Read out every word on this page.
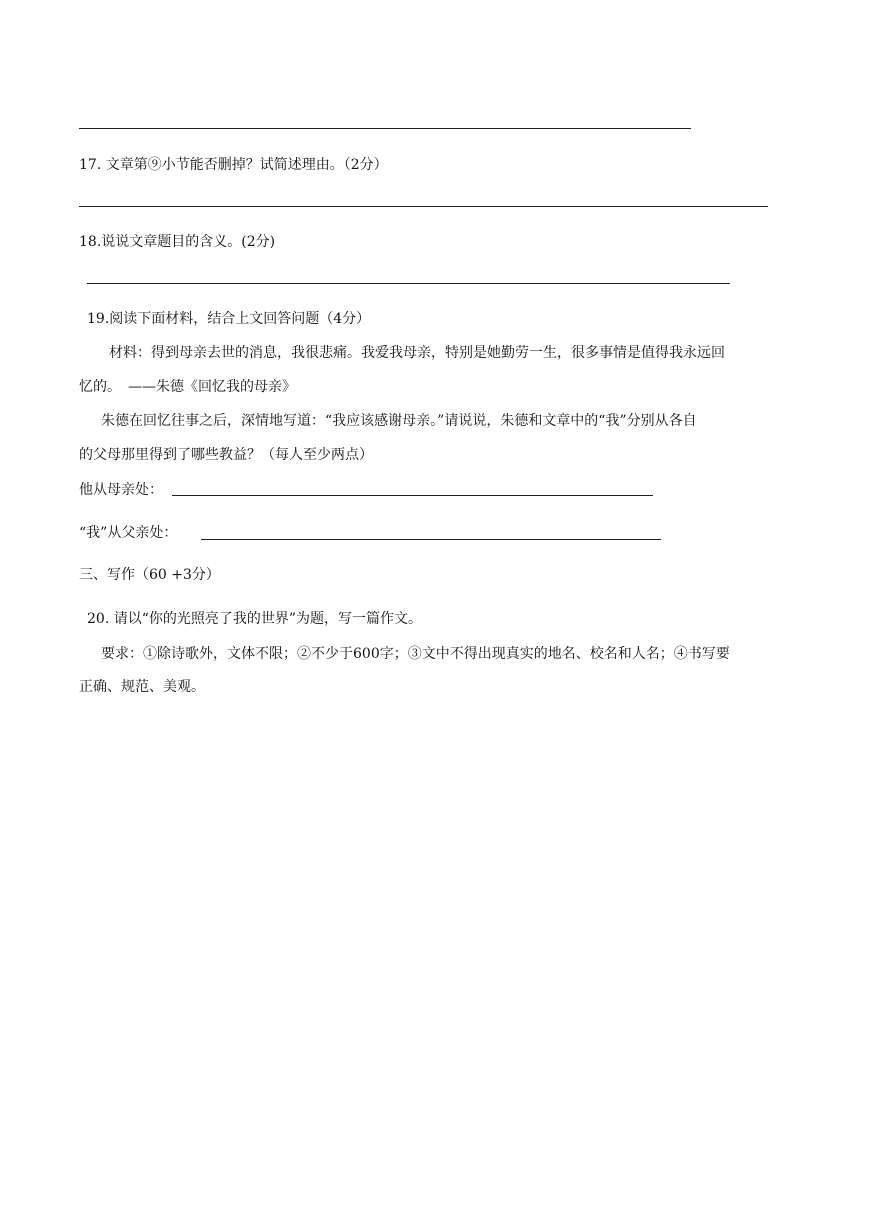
17. 文章第⑨小节能否删掉？试简述理由。（2分）
18.说说文章题目的含义。(2分)
19.阅读下面材料，结合上文回答问题（4分）
材料：得到母亲去世的消息，我很悲痛。我爱我母亲，特别是她勤劳一生，很多事情是值得我永远回
忆的。　——朱德《回忆我的母亲》
朱德在回忆往事之后，深情地写道：“我应该感谢母亲。”请说说，朱德和文章中的“我”分别从各自
的父母那里得到了哪些教益？（每人至少两点）
他从母亲处：
“我”从父亲处：
三、写作（60 +3分）
20. 请以“你的光照亮了我的世界”为题，写一篇作文。
要求：①除诗歌外，文体不限；②不少于600字；③文中不得出现真实的地名、校名和人名；④书写要
正确、规范、美观。
